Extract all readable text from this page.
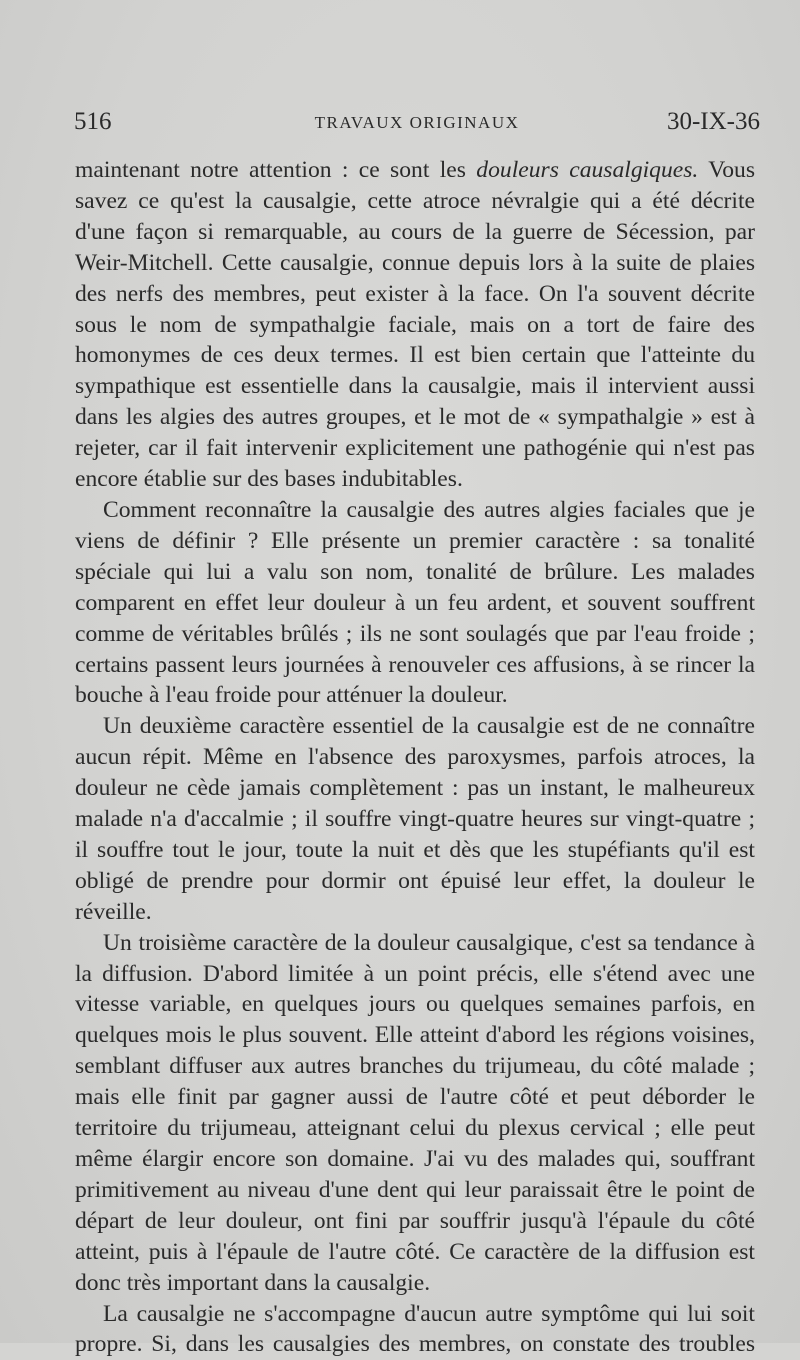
516	TRAVAUX ORIGINAUX	30-IX-36

maintenant notre attention : ce sont les douleurs causalgiques. Vous savez ce qu'est la causalgie, cette atroce névralgie qui a été décrite d'une façon si remarquable, au cours de la guerre de Sécession, par Weir-Mitchell. Cette causalgie, connue depuis lors à la suite de plaies des nerfs des membres, peut exister à la face. On l'a souvent décrite sous le nom de sympathalgie faciale, mais on a tort de faire des homonymes de ces deux termes. Il est bien certain que l'atteinte du sympathique est essentielle dans la causalgie, mais il intervient aussi dans les algies des autres groupes, et le mot de « sympathalgie » est à rejeter, car il fait intervenir explicitement une pathogénie qui n'est pas encore établie sur des bases indubitables.

Comment reconnaître la causalgie des autres algies faciales que je viens de définir ? Elle présente un premier caractère : sa tonalité spéciale qui lui a valu son nom, tonalité de brûlure. Les malades comparent en effet leur douleur à un feu ardent, et souvent souffrent comme de véritables brûlés ; ils ne sont soulagés que par l'eau froide ; certains passent leurs journées à renouveler ces affusions, à se rincer la bouche à l'eau froide pour atténuer la douleur.

Un deuxième caractère essentiel de la causalgie est de ne connaître aucun répit. Même en l'absence des paroxysmes, parfois atroces, la douleur ne cède jamais complètement : pas un instant, le malheureux malade n'a d'accalmie ; il souffre vingt-quatre heures sur vingt-quatre ; il souffre tout le jour, toute la nuit et dès que les stupéfiants qu'il est obligé de prendre pour dormir ont épuisé leur effet, la douleur le réveille.

Un troisième caractère de la douleur causalgique, c'est sa tendance à la diffusion. D'abord limitée à un point précis, elle s'étend avec une vitesse variable, en quelques jours ou quelques semaines parfois, en quelques mois le plus souvent. Elle atteint d'abord les régions voisines, semblant diffuser aux autres branches du trijumeau, du côté malade ; mais elle finit par gagner aussi de l'autre côté et peut déborder le territoire du trijumeau, atteignant celui du plexus cervical ; elle peut même élargir encore son domaine. J'ai vu des malades qui, souffrant primitivement au niveau d'une dent qui leur paraissait être le point de départ de leur douleur, ont fini par souffrir jusqu'à l'épaule du côté atteint, puis à l'épaule de l'autre côté. Ce caractère de la diffusion est donc très important dans la causalgie.

La causalgie ne s'accompagne d'aucun autre symptôme qui lui soit propre. Si, dans les causalgies des membres, on constate des troubles
